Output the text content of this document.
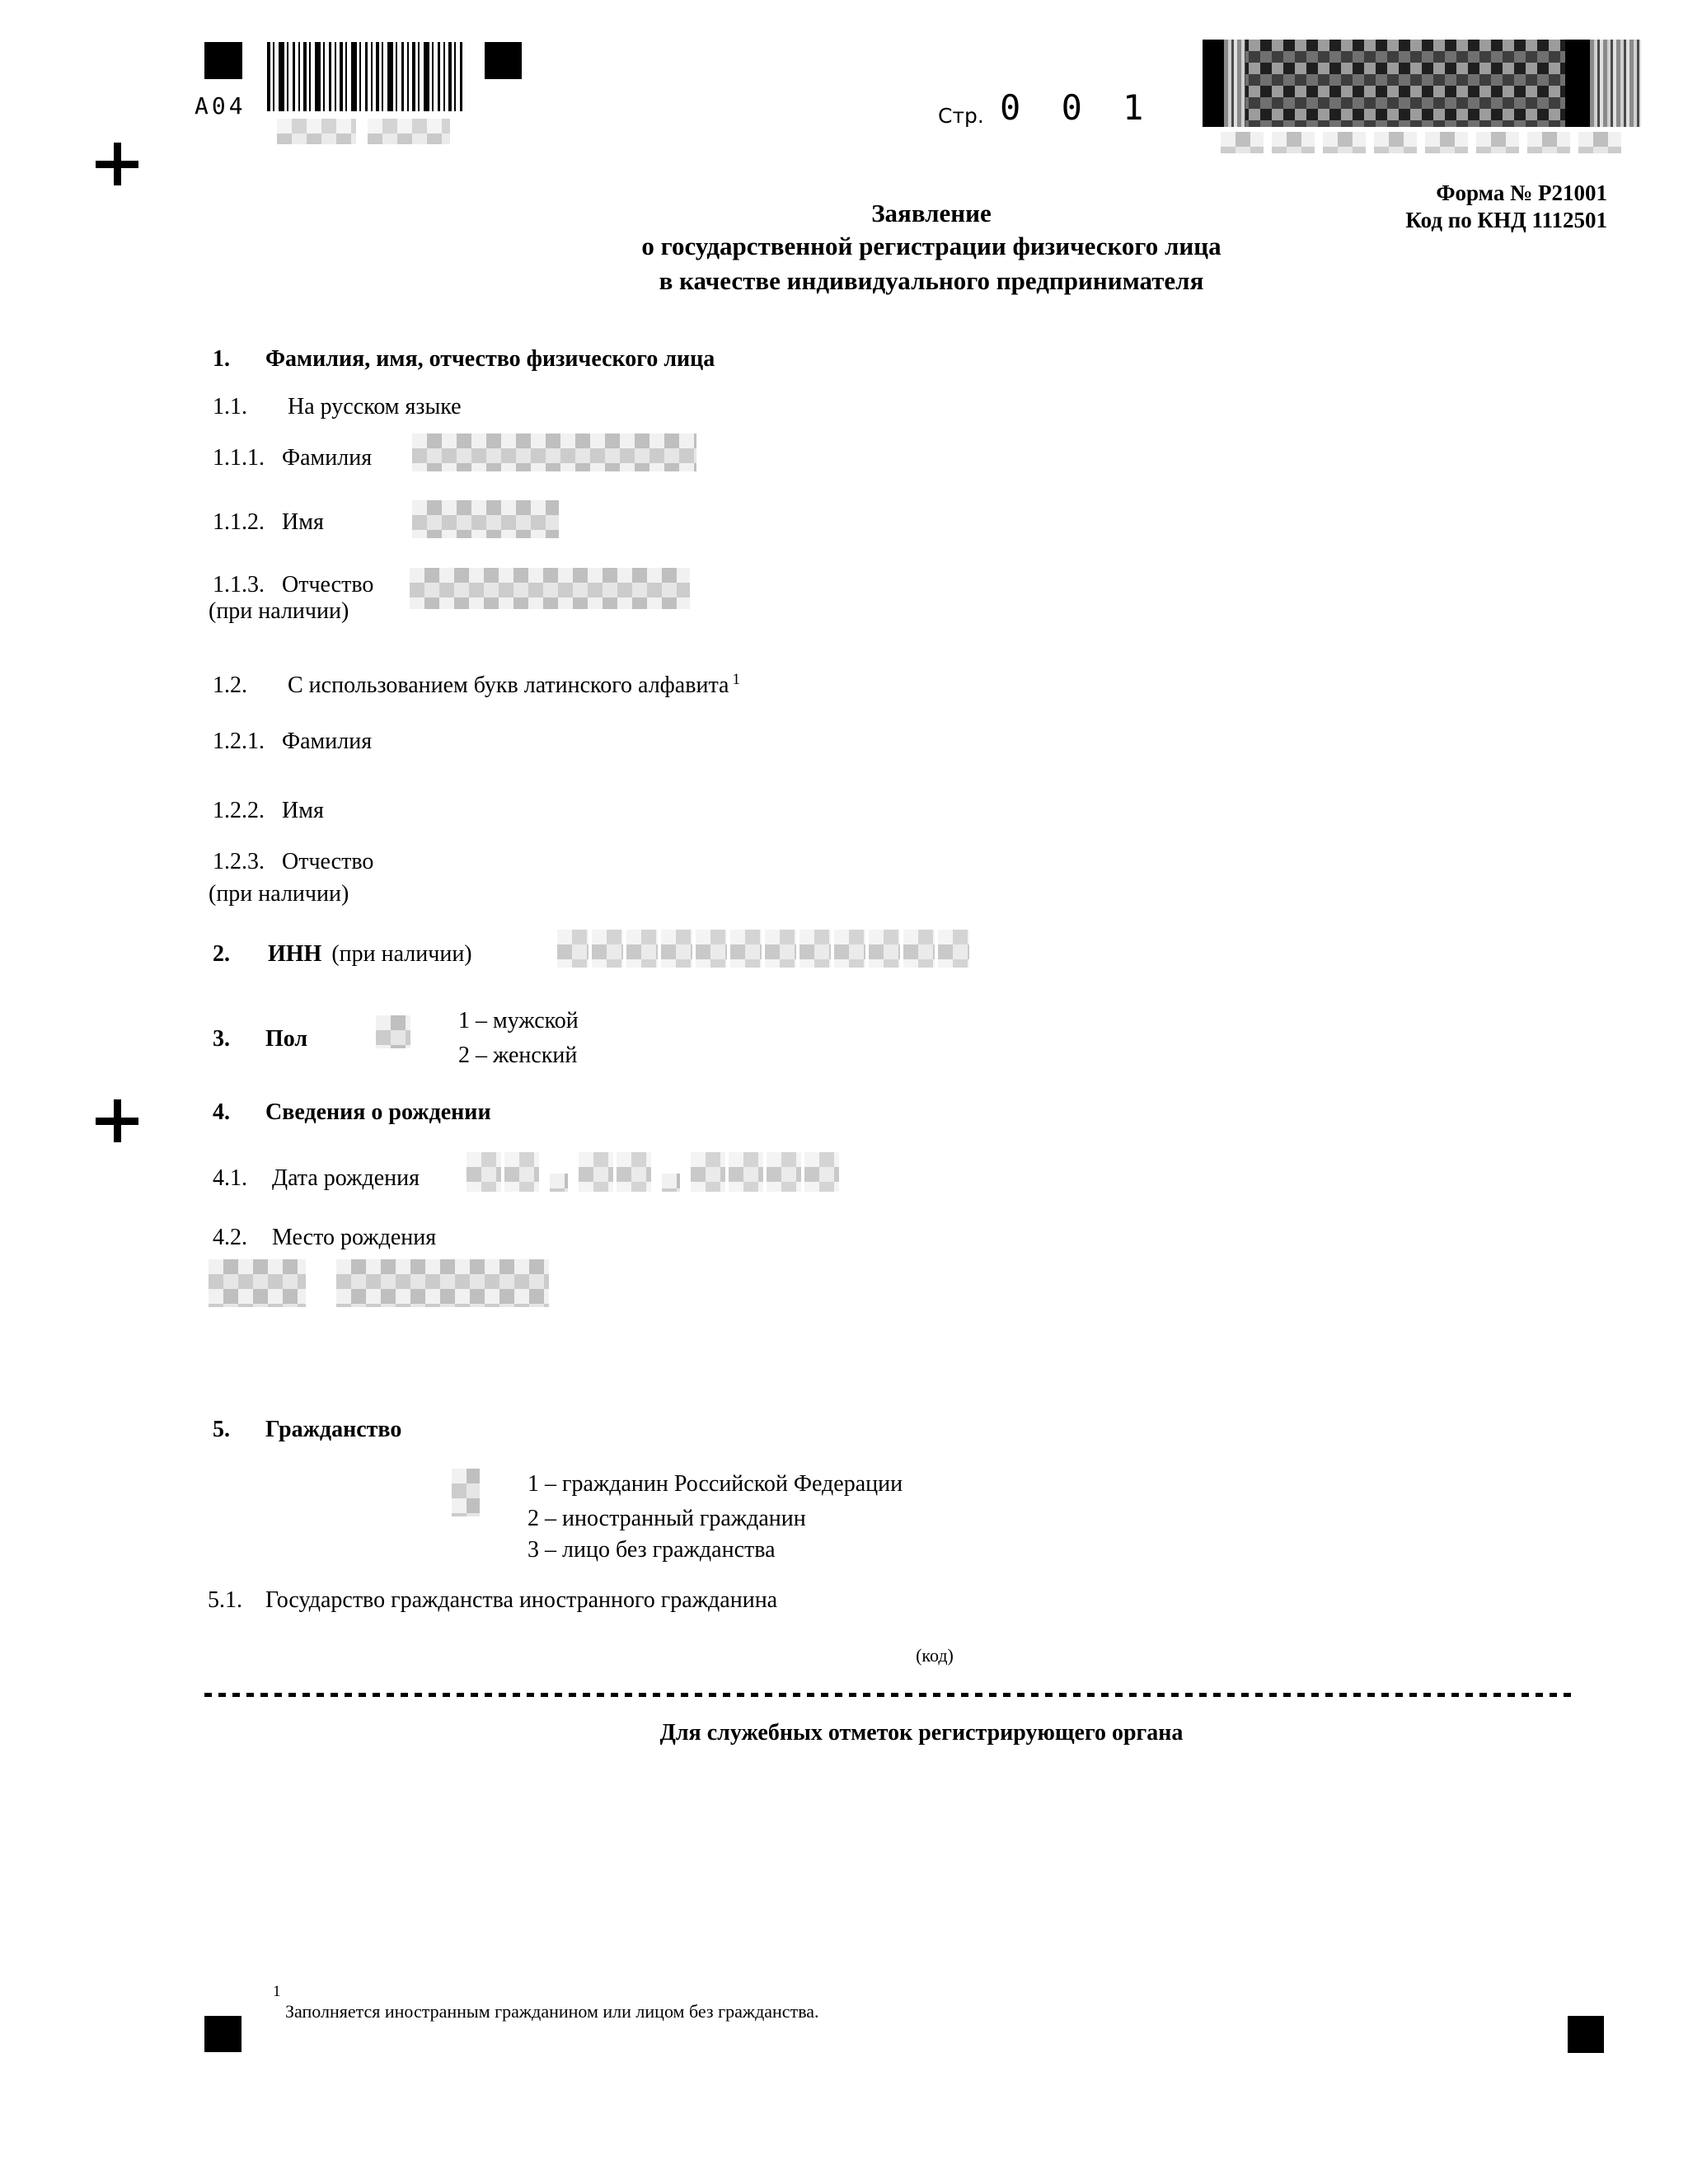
A04	Стр. 0 0 1
Форма № Р21001
Код по КНД 1112501
Заявление
о государственной регистрации физического лица
в качестве индивидуального предпринимателя
1.	Фамилия, имя, отчество физического лица
1.1.	На русском языке
1.1.1. Фамилия
1.1.2. Имя
1.1.3. Отчество
(при наличии)
1.2.	С использованием букв латинского алфавита $^1$
1.2.1. Фамилия
1.2.2. Имя
1.2.3. Отчество
(при наличии)
2.	ИНН (при наличии)
3.	Пол
1 – мужской
2 – женский
4.	Сведения о рождении
4.1.	Дата рождения
4.2.	Место рождения
5.	Гражданство
1 – гражданин Российской Федерации
2 – иностранный гражданин
3 – лицо без гражданства
5.1.	Государство гражданства иностранного гражданина
(код)
Для служебных отметок регистрирующего органа
1
Заполняется иностранным гражданином или лицом без гражданства.
